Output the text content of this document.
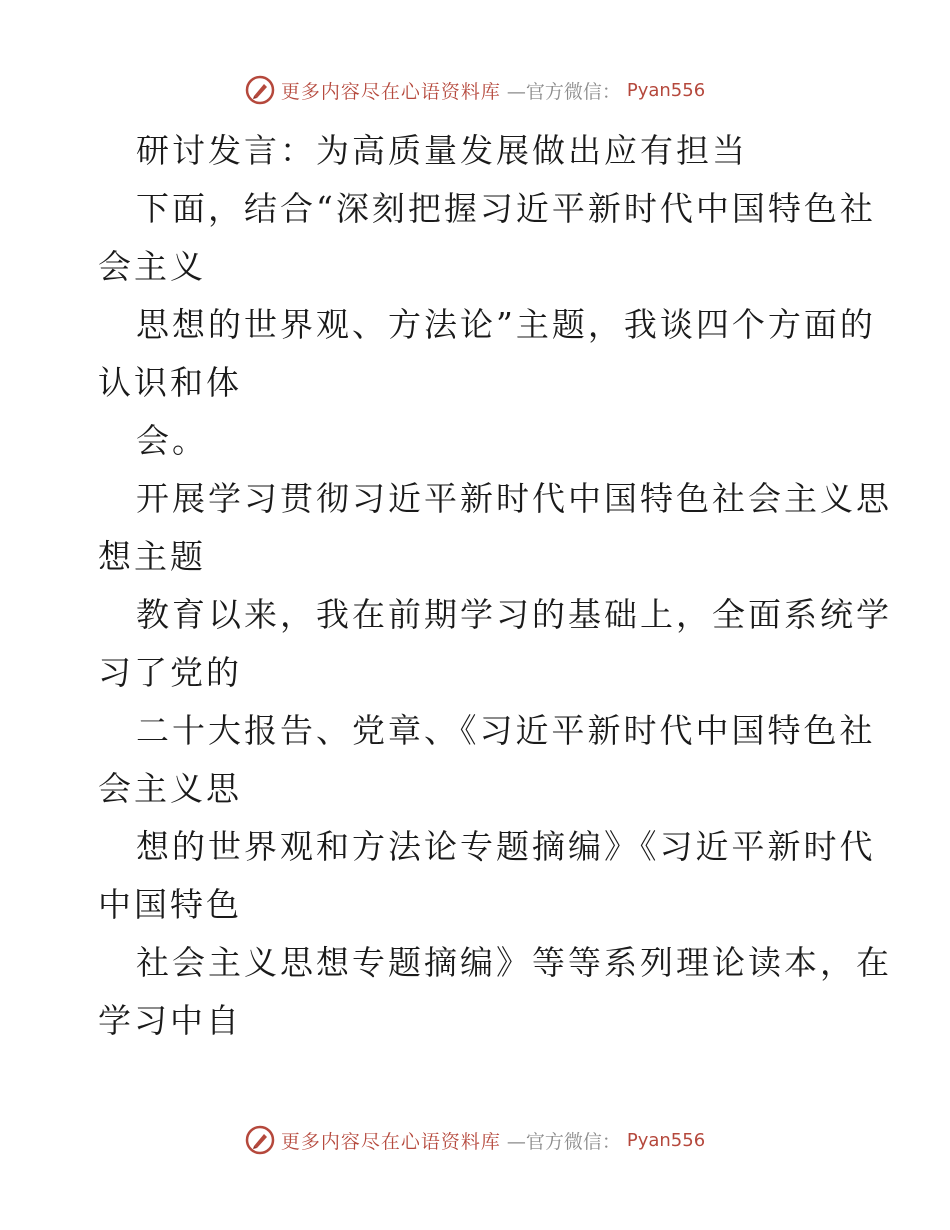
更多内容尽在心语资料库 —官方微信： Pyan556
研讨发言：为高质量发展做出应有担当
下面，结合“深刻把握习近平新时代中国特色社
会主义
思想的世界观、方法论”主题，我谈四个方面的
认识和体
会。
开展学习贯彻习近平新时代中国特色社会主义思
想主题
教育以来，我在前期学习的基础上，全面系统学
习了党的
二十大报告、党章、《习近平新时代中国特色社
会主义思
想的世界观和方法论专题摘编》《习近平新时代
中国特色
社会主义思想专题摘编》等等系列理论读本，在
学习中自
更多内容尽在心语资料库 —官方微信： Pyan556
